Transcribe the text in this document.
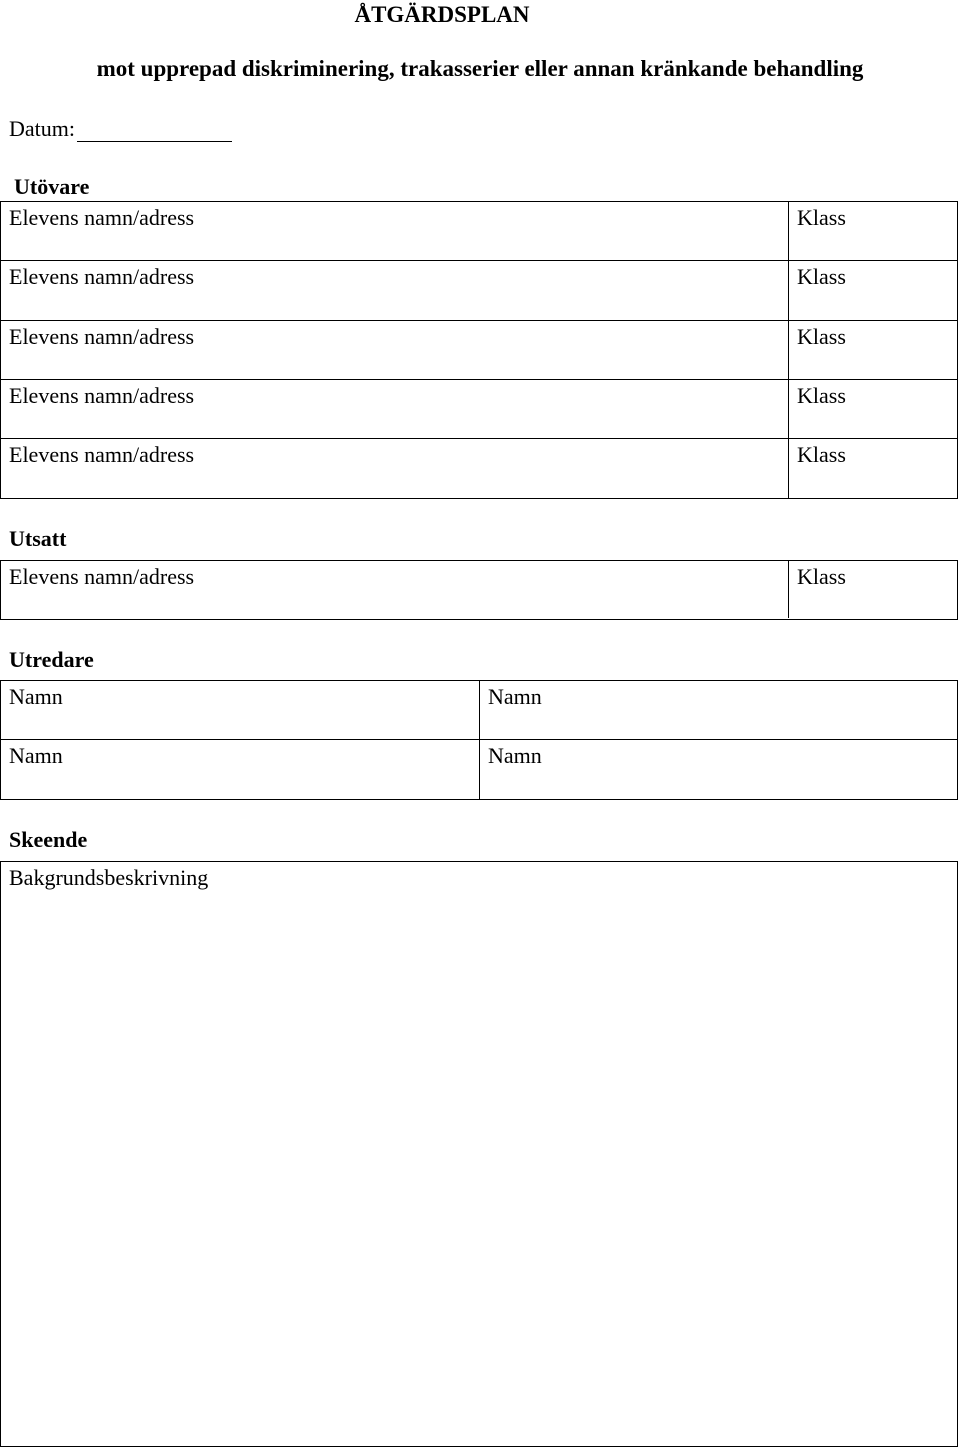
ÅTGÄRDSPLAN
mot upprepad diskriminering, trakasserier eller annan kränkande behandling
Datum:
Utövare
Elevens namn/adress	Klass
Elevens namn/adress	Klass
Elevens namn/adress	Klass
Elevens namn/adress	Klass
Elevens namn/adress	Klass
Utsatt
Elevens namn/adress	Klass
Utredare
Namn	Namn
Namn	Namn
Skeende
Bakgrundsbeskrivning
